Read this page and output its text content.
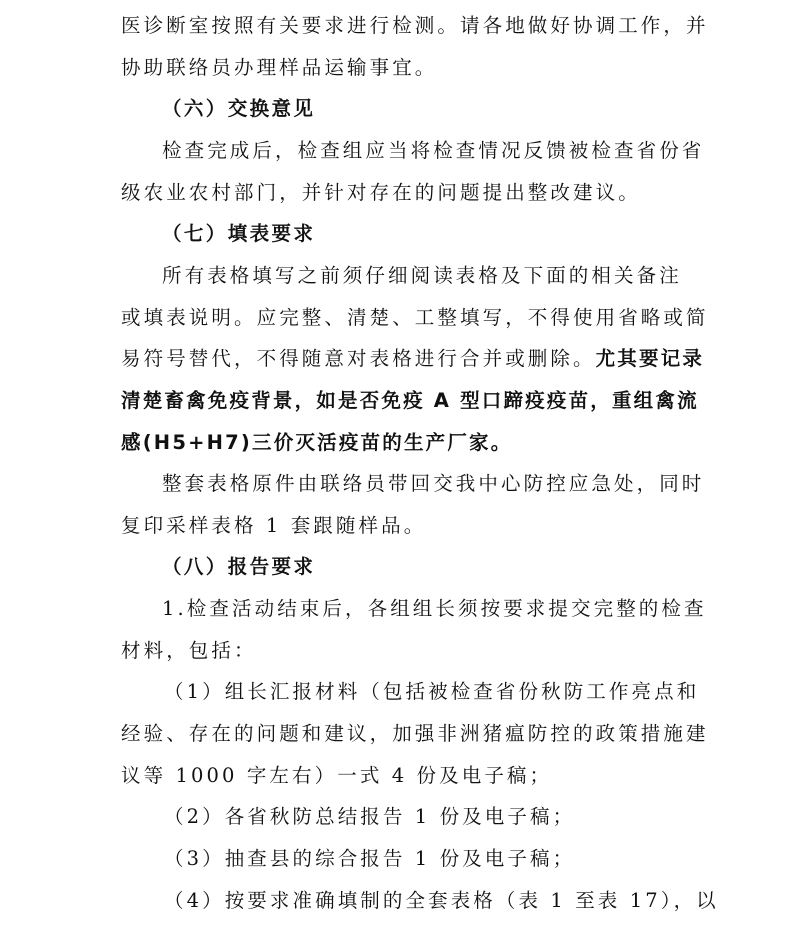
医诊断室按照有关要求进行检测。请各地做好协调工作，并
协助联络员办理样品运输事宜。
（六）交换意见
检查完成后，检查组应当将检查情况反馈被检查省份省
级农业农村部门，并针对存在的问题提出整改建议。
（七）填表要求
所有表格填写之前须仔细阅读表格及下面的相关备注
或填表说明。应完整、清楚、工整填写，不得使用省略或简
易符号替代，不得随意对表格进行合并或删除。尤其要记录
清楚畜禽免疫背景，如是否免疫 A 型口蹄疫疫苗，重组禽流
感(H5+H7)三价灭活疫苗的生产厂家。
整套表格原件由联络员带回交我中心防控应急处，同时
复印采样表格 1 套跟随样品。
（八）报告要求
1.检查活动结束后，各组组长须按要求提交完整的检查
材料，包括：
（1）组长汇报材料（包括被检查省份秋防工作亮点和
经验、存在的问题和建议，加强非洲猪瘟防控的政策措施建
议等 1000 字左右）一式 4 份及电子稿；
（2）各省秋防总结报告 1 份及电子稿；
（3）抽查县的综合报告 1 份及电子稿；
（4）按要求准确填制的全套表格（表 1 至表 17），以
